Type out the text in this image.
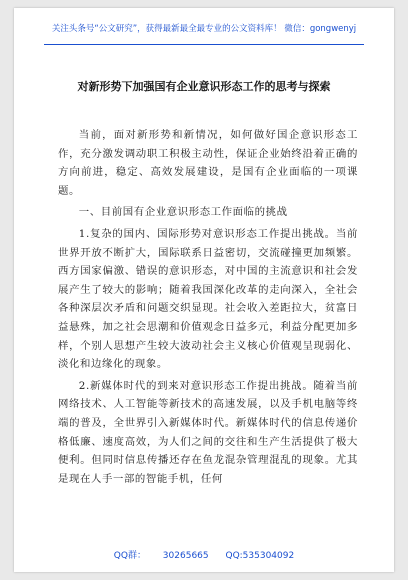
关注头条号“公文研究”，获得最新最全最专业的公文资料库！ 微信：gongwenyj
对新形势下加强国有企业意识形态工作的思考与探索

当前，面对新形势和新情况，如何做好国企意识形态工作，充分激发调动职工积极主动性，保证企业始终沿着正确的方向前进，稳定、高效发展建设，是国有企业面临的一项课题。

一、目前国有企业意识形态工作面临的挑战

1.复杂的国内、国际形势对意识形态工作提出挑战。当前世界开放不断扩大，国际联系日益密切，交流碰撞更加频繁。西方国家偏激、错误的意识形态，对中国的主流意识和社会发展产生了较大的影响；随着我国深化改革的走向深入，全社会各种深层次矛盾和问题交织显现。社会收入差距拉大，贫富日益悬殊，加之社会思潮和价值观念日益多元，利益分配更加多样，个别人思想产生较大波动社会主义核心价值观呈现弱化、淡化和边缘化的现象。

2.新媒体时代的到来对意识形态工作提出挑战。随着当前网络技术、人工智能等新技术的高速发展，以及手机电脑等终端的普及，全世界引入新媒体时代。新媒体时代的信息传递价格低廉、速度高效，为人们之间的交往和生产生活提供了极大便利。但同时信息传播还存在鱼龙混杂管理混乱的现象。尤其是现在人手一部的智能手机，任何

QQ群： 30265665 QQ:535304092
